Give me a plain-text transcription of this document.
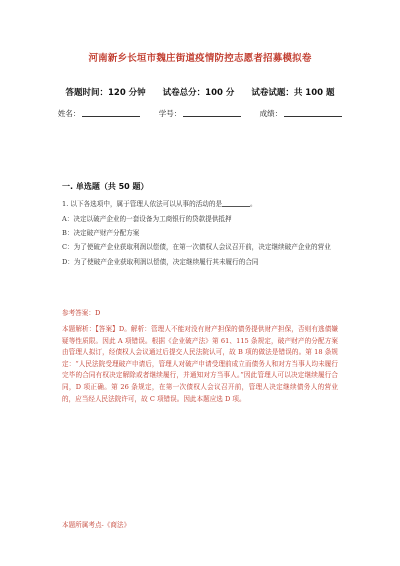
河南新乡长垣市魏庄街道疫情防控志愿者招募模拟卷
答题时间：120 分钟 试卷总分：100 分 试卷试题：共 100 题
姓名：	学号：	成绩：
一. 单选题（共 50 题）
1. 以下各选项中，属于管理人依法可以从事的活动的是	。
A：决定以破产企业的一套设备为工商银行的贷款提供抵押
B：决定破产财产分配方案
C：为了使破产企业获取利润以偿债，在第一次债权人会议召开前，决定继续破产企业的营业
D：为了使破产企业获取利润以偿债，决定继续履行其未履行的合同
参考答案：D
本题解析：【答案】D。解析：管理人不能对没有财产担保的债务提供财产担保，否则有逃债嫌疑等性质限。因此 A 项错误。根据《企业破产法》第 61、115 条规定，破产财产的分配方案由管理人拟订，经债权人会议通过后提交人民法院认可，故 B 项的做法是错误的。第 18 条规定：“人民法院受理破产申请后，管理人对破产申请受理前成立而债务人和对方当事人均未履行完毕的合同有权决定解除或者继续履行，并通知对方当事人。”因此管理人可以决定继续履行合同，D 项正确。第 26 条规定，在第一次债权人会议召开前，管理人决定继续债务人的营业的，应当经人民法院许可，故 C 项错误。因此本题应选 D 项。
本题所属考点-《商法》
